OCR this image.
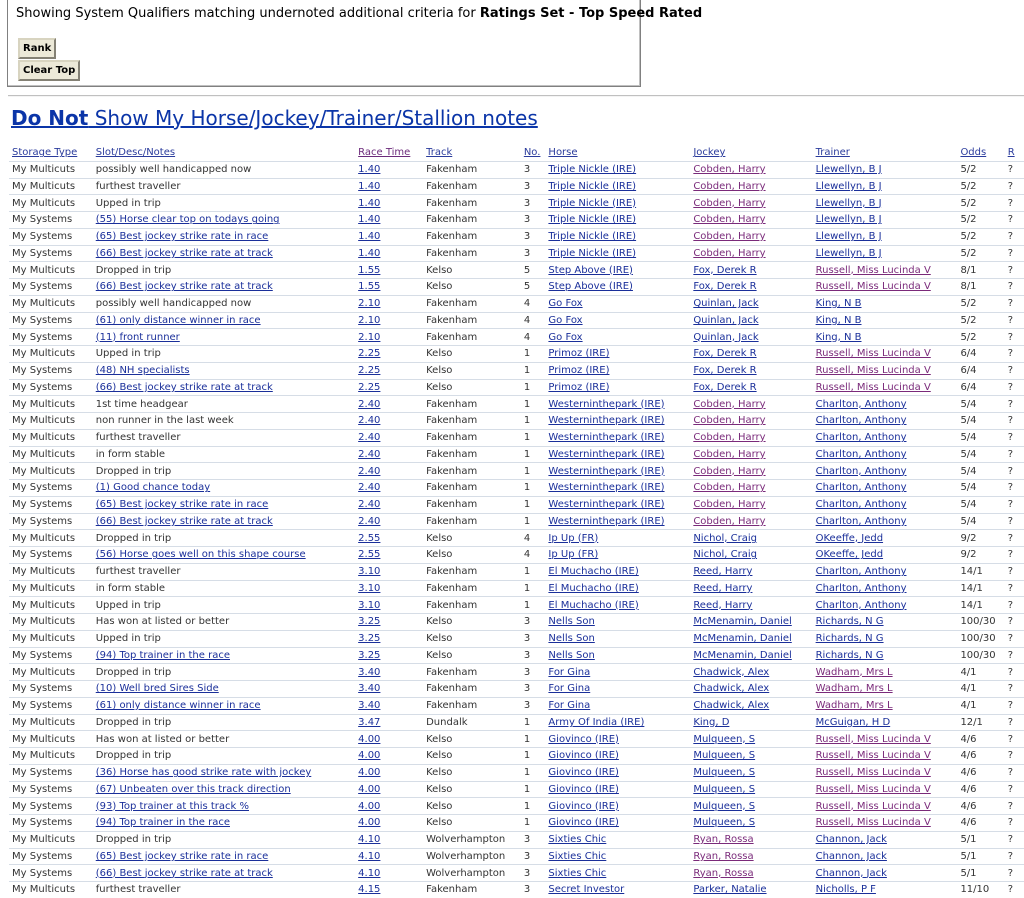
Showing System Qualifiers matching undernoted additional criteria for Ratings Set - Top Speed Rated
Rank
Clear Top
Do Not Show My Horse/Jockey/Trainer/Stallion notes
Storage Type	Slot/Desc/Notes	Race Time	Track	No.	Horse	Jockey	Trainer	Odds	R
My Multicuts	possibly well handicapped now	1.40	Fakenham	3	Triple Nickle (IRE)	Cobden, Harry	Llewellyn, B J	5/2	?
My Multicuts	furthest traveller	1.40	Fakenham	3	Triple Nickle (IRE)	Cobden, Harry	Llewellyn, B J	5/2	?
My Multicuts	Upped in trip	1.40	Fakenham	3	Triple Nickle (IRE)	Cobden, Harry	Llewellyn, B J	5/2	?
My Systems	(55) Horse clear top on todays going	1.40	Fakenham	3	Triple Nickle (IRE)	Cobden, Harry	Llewellyn, B J	5/2	?
My Systems	(65) Best jockey strike rate in race	1.40	Fakenham	3	Triple Nickle (IRE)	Cobden, Harry	Llewellyn, B J	5/2	?
My Systems	(66) Best jockey strike rate at track	1.40	Fakenham	3	Triple Nickle (IRE)	Cobden, Harry	Llewellyn, B J	5/2	?
My Multicuts	Dropped in trip	1.55	Kelso	5	Step Above (IRE)	Fox, Derek R	Russell, Miss Lucinda V	8/1	?
My Systems	(66) Best jockey strike rate at track	1.55	Kelso	5	Step Above (IRE)	Fox, Derek R	Russell, Miss Lucinda V	8/1	?
My Multicuts	possibly well handicapped now	2.10	Fakenham	4	Go Fox	Quinlan, Jack	King, N B	5/2	?
My Systems	(61) only distance winner in race	2.10	Fakenham	4	Go Fox	Quinlan, Jack	King, N B	5/2	?
My Systems	(11) front runner	2.10	Fakenham	4	Go Fox	Quinlan, Jack	King, N B	5/2	?
My Multicuts	Upped in trip	2.25	Kelso	1	Primoz (IRE)	Fox, Derek R	Russell, Miss Lucinda V	6/4	?
My Systems	(48) NH specialists	2.25	Kelso	1	Primoz (IRE)	Fox, Derek R	Russell, Miss Lucinda V	6/4	?
My Systems	(66) Best jockey strike rate at track	2.25	Kelso	1	Primoz (IRE)	Fox, Derek R	Russell, Miss Lucinda V	6/4	?
My Multicuts	1st time headgear	2.40	Fakenham	1	Westerninthepark (IRE)	Cobden, Harry	Charlton, Anthony	5/4	?
My Multicuts	non runner in the last week	2.40	Fakenham	1	Westerninthepark (IRE)	Cobden, Harry	Charlton, Anthony	5/4	?
My Multicuts	furthest traveller	2.40	Fakenham	1	Westerninthepark (IRE)	Cobden, Harry	Charlton, Anthony	5/4	?
My Multicuts	in form stable	2.40	Fakenham	1	Westerninthepark (IRE)	Cobden, Harry	Charlton, Anthony	5/4	?
My Multicuts	Dropped in trip	2.40	Fakenham	1	Westerninthepark (IRE)	Cobden, Harry	Charlton, Anthony	5/4	?
My Systems	(1) Good chance today	2.40	Fakenham	1	Westerninthepark (IRE)	Cobden, Harry	Charlton, Anthony	5/4	?
My Systems	(65) Best jockey strike rate in race	2.40	Fakenham	1	Westerninthepark (IRE)	Cobden, Harry	Charlton, Anthony	5/4	?
My Systems	(66) Best jockey strike rate at track	2.40	Fakenham	1	Westerninthepark (IRE)	Cobden, Harry	Charlton, Anthony	5/4	?
My Multicuts	Dropped in trip	2.55	Kelso	4	Ip Up (FR)	Nichol, Craig	OKeeffe, Jedd	9/2	?
My Systems	(56) Horse goes well on this shape course	2.55	Kelso	4	Ip Up (FR)	Nichol, Craig	OKeeffe, Jedd	9/2	?
My Multicuts	furthest traveller	3.10	Fakenham	1	El Muchacho (IRE)	Reed, Harry	Charlton, Anthony	14/1	?
My Multicuts	in form stable	3.10	Fakenham	1	El Muchacho (IRE)	Reed, Harry	Charlton, Anthony	14/1	?
My Multicuts	Upped in trip	3.10	Fakenham	1	El Muchacho (IRE)	Reed, Harry	Charlton, Anthony	14/1	?
My Multicuts	Has won at listed or better	3.25	Kelso	3	Nells Son	McMenamin, Daniel	Richards, N G	100/30	?
My Multicuts	Upped in trip	3.25	Kelso	3	Nells Son	McMenamin, Daniel	Richards, N G	100/30	?
My Systems	(94) Top trainer in the race	3.25	Kelso	3	Nells Son	McMenamin, Daniel	Richards, N G	100/30	?
My Multicuts	Dropped in trip	3.40	Fakenham	3	For Gina	Chadwick, Alex	Wadham, Mrs L	4/1	?
My Systems	(10) Well bred Sires Side	3.40	Fakenham	3	For Gina	Chadwick, Alex	Wadham, Mrs L	4/1	?
My Systems	(61) only distance winner in race	3.40	Fakenham	3	For Gina	Chadwick, Alex	Wadham, Mrs L	4/1	?
My Multicuts	Dropped in trip	3.47	Dundalk	1	Army Of India (IRE)	King, D	McGuigan, H D	12/1	?
My Multicuts	Has won at listed or better	4.00	Kelso	1	Giovinco (IRE)	Mulqueen, S	Russell, Miss Lucinda V	4/6	?
My Multicuts	Dropped in trip	4.00	Kelso	1	Giovinco (IRE)	Mulqueen, S	Russell, Miss Lucinda V	4/6	?
My Systems	(36) Horse has good strike rate with jockey	4.00	Kelso	1	Giovinco (IRE)	Mulqueen, S	Russell, Miss Lucinda V	4/6	?
My Systems	(67) Unbeaten over this track direction	4.00	Kelso	1	Giovinco (IRE)	Mulqueen, S	Russell, Miss Lucinda V	4/6	?
My Systems	(93) Top trainer at this track %	4.00	Kelso	1	Giovinco (IRE)	Mulqueen, S	Russell, Miss Lucinda V	4/6	?
My Systems	(94) Top trainer in the race	4.00	Kelso	1	Giovinco (IRE)	Mulqueen, S	Russell, Miss Lucinda V	4/6	?
My Multicuts	Dropped in trip	4.10	Wolverhampton	3	Sixties Chic	Ryan, Rossa	Channon, Jack	5/1	?
My Systems	(65) Best jockey strike rate in race	4.10	Wolverhampton	3	Sixties Chic	Ryan, Rossa	Channon, Jack	5/1	?
My Systems	(66) Best jockey strike rate at track	4.10	Wolverhampton	3	Sixties Chic	Ryan, Rossa	Channon, Jack	5/1	?
My Multicuts	furthest traveller	4.15	Fakenham	3	Secret Investor	Parker, Natalie	Nicholls, P F	11/10	?
